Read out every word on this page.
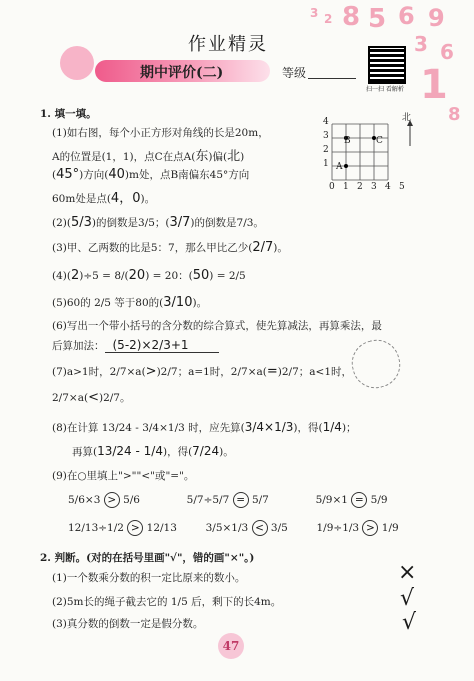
作业精灵
期中评价(二)	等级
扫一扫 看解析
3 2 8 5 6 9
3 6
1
8
北
A
B	C
0 1 2 3 4 5
4
3
2
1
1. 填一填。
(1)如右图，每个小正方形对角线的长是20m，
A的位置是(1，1)，点C在点A(东)偏(北)
(45°)方向(40)m处，点B南偏东45°方向
60m处是点(4，0)。
(2)(5/3)的倒数是3/5；(3/7)的倒数是7/3。
(3)甲、乙两数的比是5：7，那么甲比乙少(2/7)。
(4)(2)÷5 = 8/(20) = 20：(50) = 2/5
(5)60的 2/5 等于80的(3/10)。
(6)写出一个带小括号的含分数的综合算式，使先算减法，再算乘法，最
后算加法： (5-2)×2/3+1
(7)a>1时，2/7×a(>)2/7；a=1时，2/7×a(=)2/7；a<1时，
2/7×a(<)2/7。
(8)在计算 13/24 - 3/4×1/3 时，应先算(3/4×1/3)，得(1/4)；
再算(13/24 - 1/4)，得(7/24)。
(9)在○里填上">""<"或"="。
5/6×3 > 5/6	5/7÷5/7 = 5/7	5/9×1 = 5/9
12/13÷1/2 > 12/13	3/5×1/3 < 3/5	1/9÷1/3 > 1/9
2. 判断。(对的在括号里画"√"，错的画"×"。)
(1)一个数乘分数的积一定比原来的数小。	×
(2)5m长的绳子截去它的 1/5 后，剩下的长4m。	√
(3)真分数的倒数一定是假分数。	√
47
